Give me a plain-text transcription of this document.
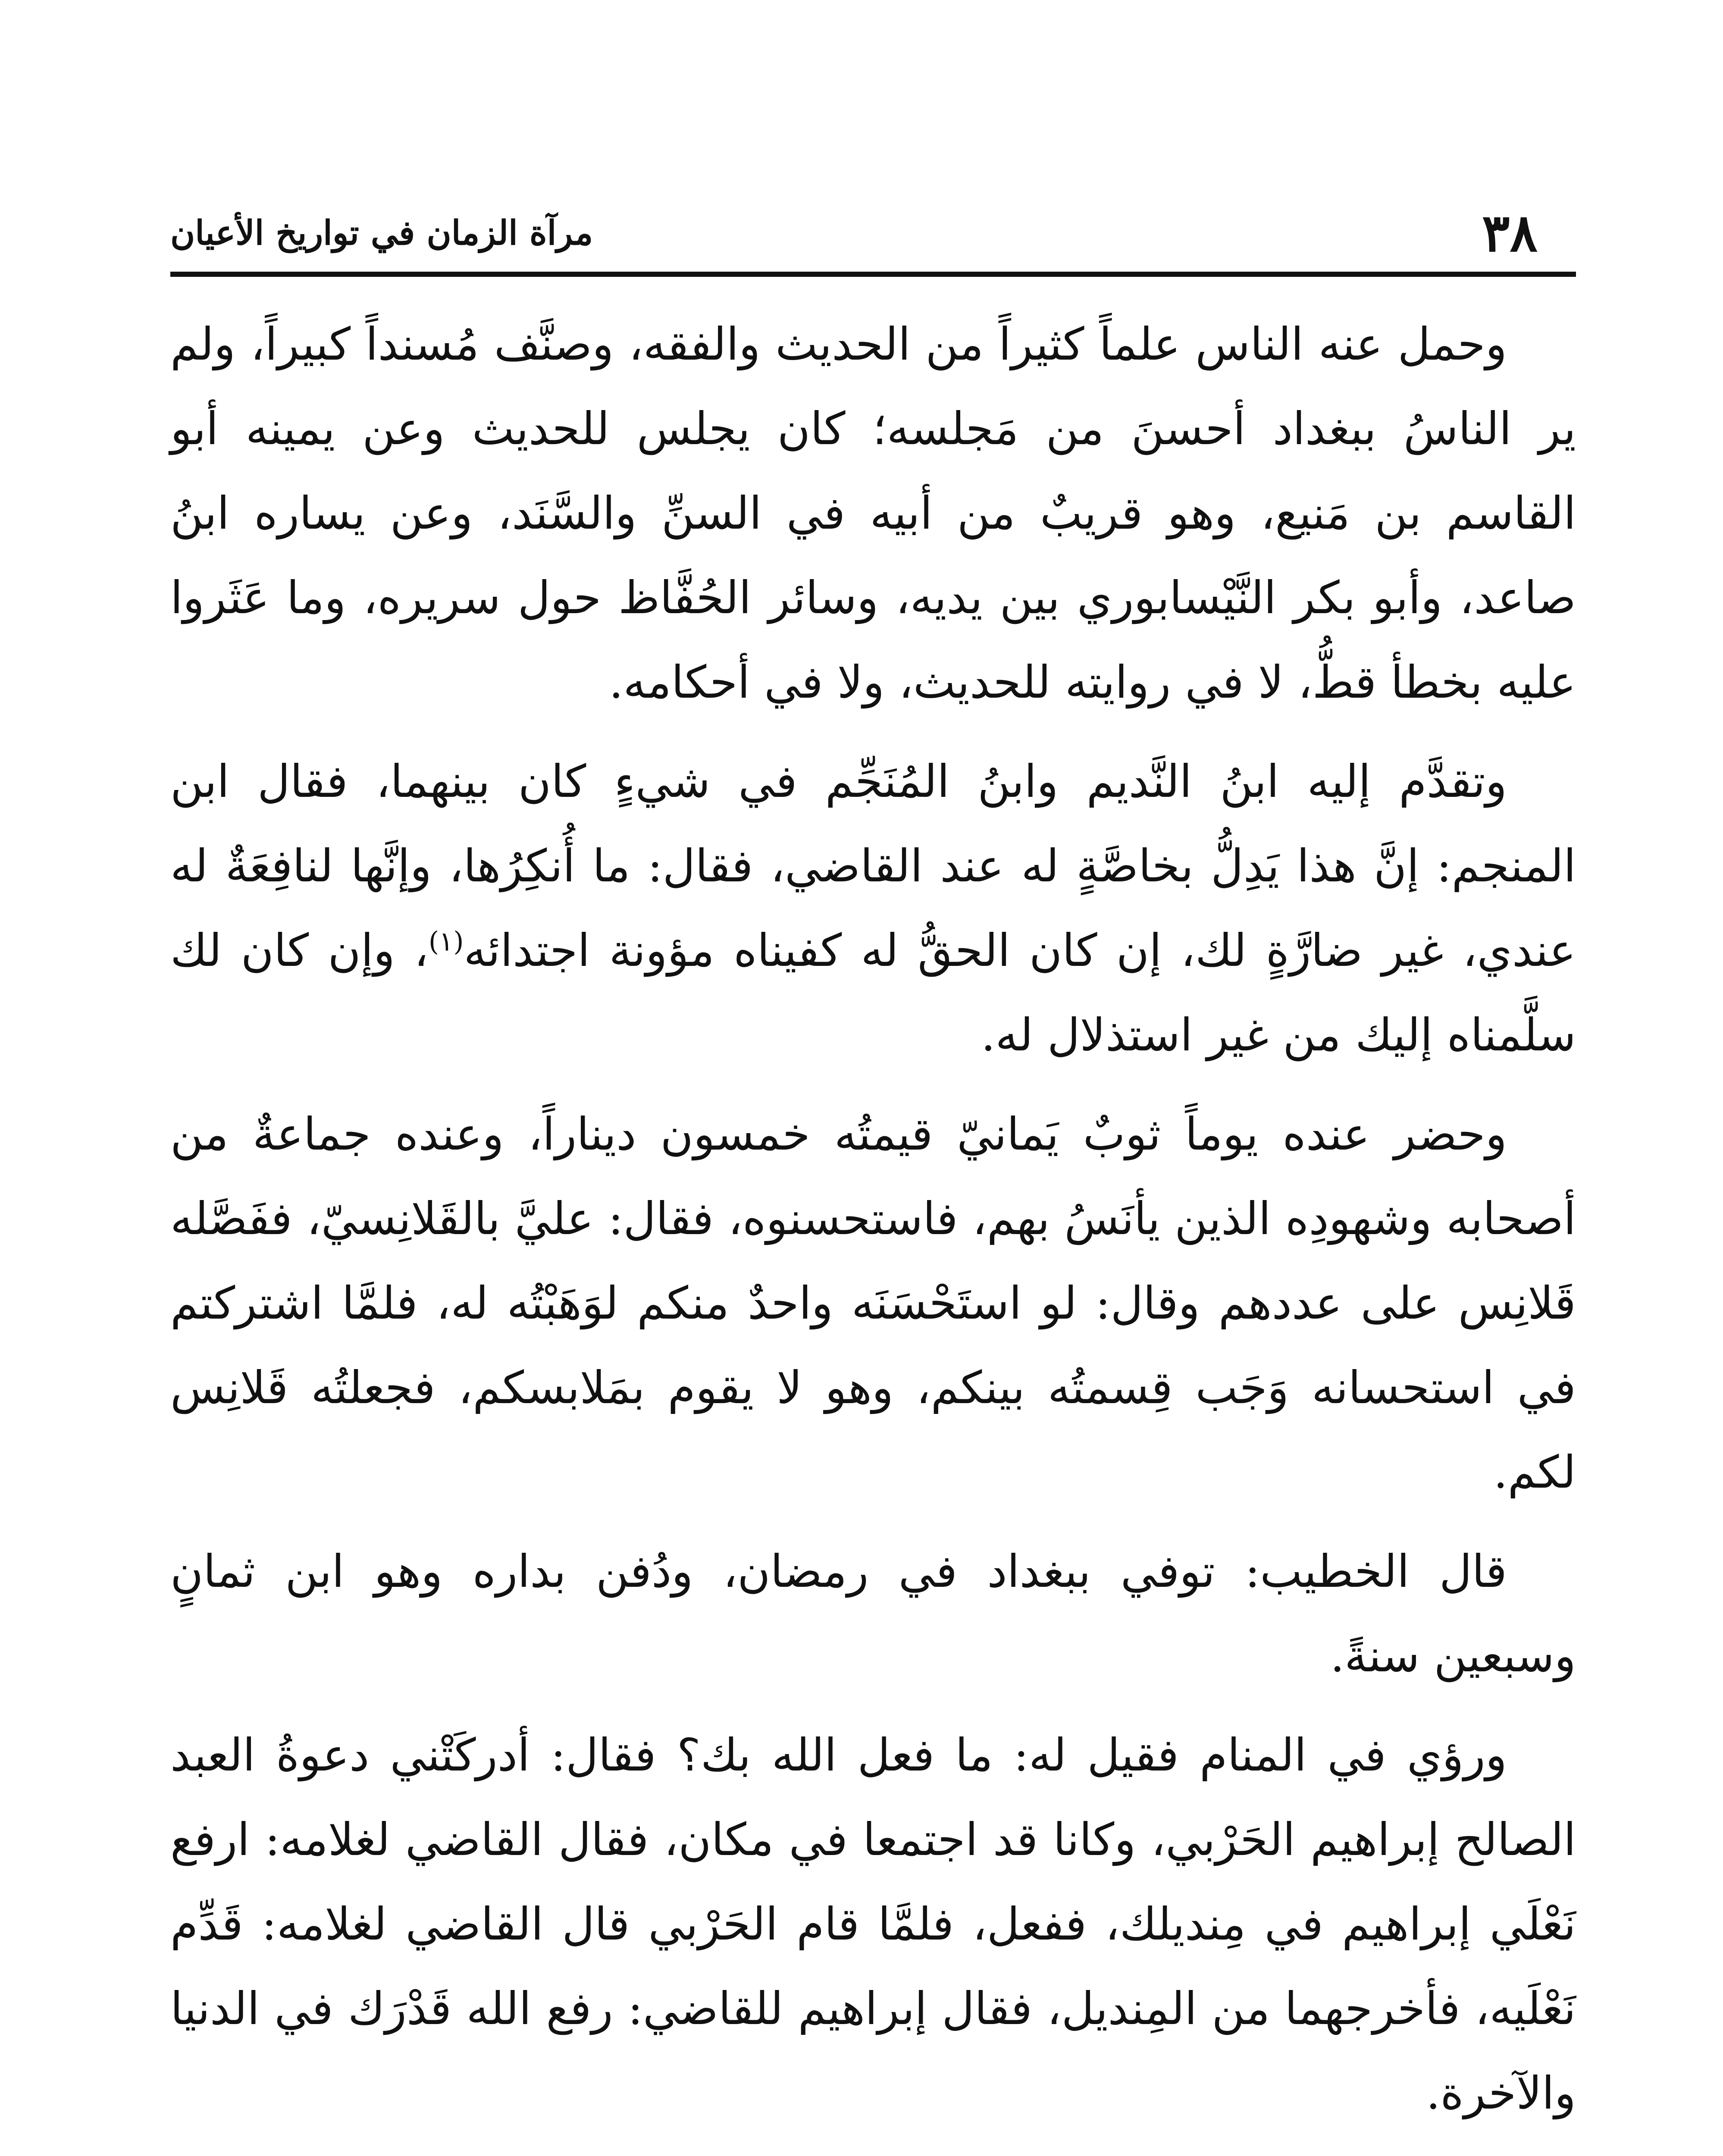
٣٨
مرآة الزمان في تواريخ الأعيان

وحمل عنه الناس علماً كثيراً من الحديث والفقه، وصنَّف مُسنداً كبيراً، ولم ير الناسُ ببغداد أحسنَ من مَجلسه؛ كان يجلس للحديث وعن يمينه أبو القاسم بن مَنيع، وهو قريبٌ من أبيه في السنِّ والسَّنَد، وعن يساره ابنُ صاعد، وأبو بكر النَّيْسابوري بين يديه، وسائر الحُفَّاظ حول سريره، وما عَثَروا عليه بخطأ قطُّ، لا في روايته للحديث، ولا في أحكامه.

وتقدَّم إليه ابنُ النَّديم وابنُ المُنَجِّم في شيءٍ كان بينهما، فقال ابن المنجم: إنَّ هذا يَدِلُّ بخاصَّةٍ له عند القاضي، فقال: ما أُنكِرُها، وإنَّها لنافِعَةٌ له عندي، غير ضارَّةٍ لك، إن كان الحقُّ له كفيناه مؤونة اجتدائه$^{(١)}$، وإن كان لك سلَّمناه إليك من غير استذلال له.

وحضر عنده يوماً ثوبٌ يَمانيّ قيمتُه خمسون ديناراً، وعنده جماعةٌ من أصحابه وشهودِه الذين يأنَسُ بهم، فاستحسنوه، فقال: عليَّ بالقَلانِسيّ، ففَصَّله قَلانِس على عددهم وقال: لو استَحْسَنَه واحدٌ منكم لوَهَبْتُه له، فلمَّا اشتركتم في استحسانه وَجَب قِسمتُه بينكم، وهو لا يقوم بمَلابسكم، فجعلتُه قَلانِس لكم.

قال الخطيب: توفي ببغداد في رمضان، ودُفن بداره وهو ابن ثمانٍ وسبعين سنةً.

ورؤي في المنام فقيل له: ما فعل الله بك؟ فقال: أدركَتْني دعوةُ العبد الصالح إبراهيم الحَرْبي، وكانا قد اجتمعا في مكان، فقال القاضي لغلامه: ارفع نَعْلَي إبراهيم في مِنديلك، ففعل، فلمَّا قام الحَرْبي قال القاضي لغلامه: قَدِّم نَعْلَيه، فأخرجهما من المِنديل، فقال إبراهيم للقاضي: رفع الله قَدْرَك في الدنيا والآخرة.
